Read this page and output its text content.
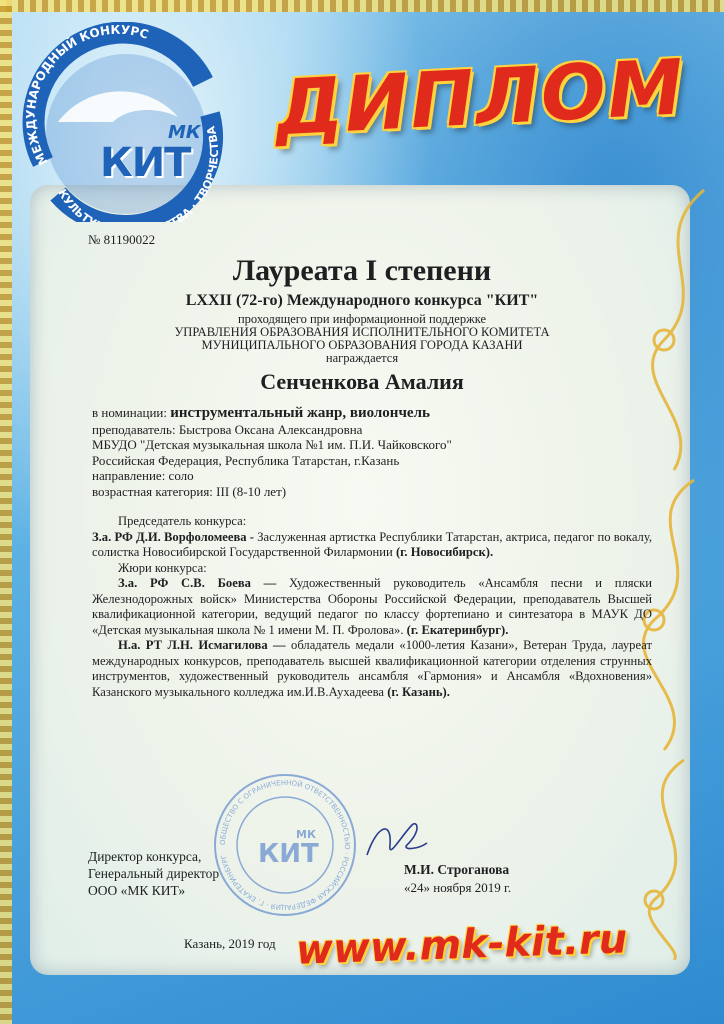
МЕЖДУНАРОДНЫЙ КОНКУРС
КУЛЬТ ВА · ТВОРЧЕСТВА
МК
КИТ
ДИПЛОМ
№ 81190022
Лауреата I степени
LXXII (72-го) Международного конкурса "КИТ"
проходящего при информационной поддержке
УПРАВЛЕНИЯ ОБРАЗОВАНИЯ ИСПОЛНИТЕЛЬНОГО КОМИТЕТА
МУНИЦИПАЛЬНОГО ОБРАЗОВАНИЯ ГОРОДА КАЗАНИ
награждается
Сенченкова Амалия
в номинации: инструментальный жанр, виолончель
преподаватель: Быстрова Оксана Александровна
МБУДО "Детская музыкальная школа №1 им. П.И. Чайковского"
Российская Федерация, Республика Татарстан, г.Казань
направление: соло
возрастная категория: III (8-10 лет)

Председатель конкурса:

З.а. РФ Д.И. Ворфоломеева - Заслуженная артистка Республики Татарстан, актриса, педагог по вокалу, солистка Новосибирской Государственной Филармонии (г. Новосибирск).

Жюри конкурса:

З.а. РФ С.В. Боева — Художественный руководитель «Ансамбля песни и пляски Железнодорожных войск» Министерства Обороны Российской Федерации, преподаватель Высшей квалификационной категории, ведущий педагог по классу фортепиано и синтезатора в МАУК ДО «Детская музыкальная школа № 1 имени М. П. Фролова». (г. Екатеринбург).

Н.а. РТ Л.Н. Исмагилова — обладатель медали «1000-летия Казани», Ветеран Труда, лауреат международных конкурсов, преподаватель высшей квалификационной категории отделения струнных инструментов, художественный руководитель ансамбля «Гармония» и Ансамбля «Вдохновения» Казанского музыкального колледжа им.И.В.Аухадеева (г. Казань).

ОБЩЕСТВО С ОГРАНИЧЕННОЙ ОТВЕТСТВЕННОСТЬЮ · РОССИЙСКАЯ ФЕДЕРАЦИЯ · Г. ЕКАТЕРИНБУРГ
МК
КИТ
Директор конкурса,
Генеральный директор
ООО «МК КИТ»
М.И. Строганова
«24» ноября 2019 г.
Казань, 2019 год www.mk-kit.ru
